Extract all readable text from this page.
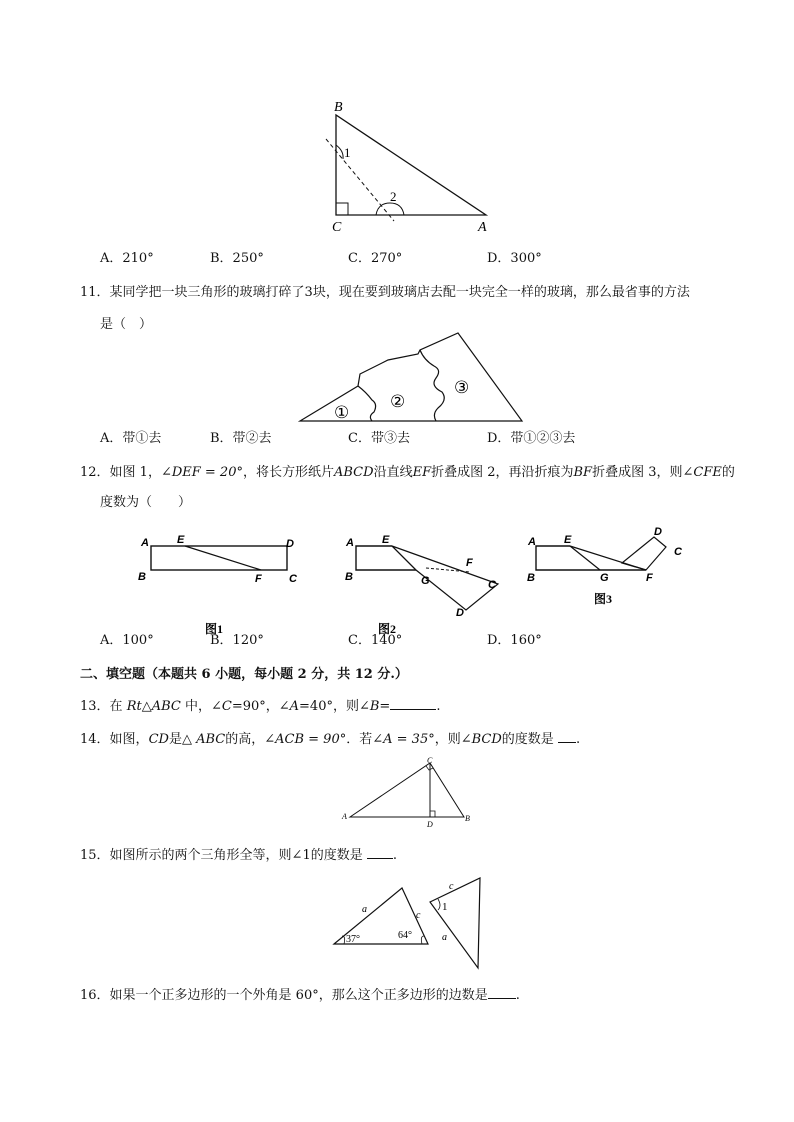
B
1
2
C	A
A．210°	B．250°	C．270°	D．300°
11．某同学把一块三角形的玻璃打碎了3块，现在要到玻璃店去配一块完全一样的玻璃，那么最省事的方法
是（　）
①
②
③
A．带①去	B．带②去	C．带③去	D．带①②③去
12．如图 1，∠DEF = 20°，将长方形纸片ABCD沿直线EF折叠成图 2，再沿折痕为BF折叠成图 3，则∠CFE的
度数为（　　）
A	E	D
B	F C
图1
A	E
F
B	G	C
D
图2
A	E
D
C
B	G	F
图3
A．100°	B．120°	C．140°	D．160°
二、填空题（本题共 6 小题，每小题 2 分，共 12 分.）
13．在 Rt△ABC 中，∠C=90°，∠A=40°，则∠B=	.
14．如图，CD是△ ABC的高，∠ACB = 90°．若∠A = 35°，则∠BCD的度数是 .
C
A
D
B
15．如图所示的两个三角形全等，则∠1的度数是 .
a
c
37°	64°
c
1
a
16．如果一个正多边形的一个外角是 60°，那么这个正多边形的边数是 .
